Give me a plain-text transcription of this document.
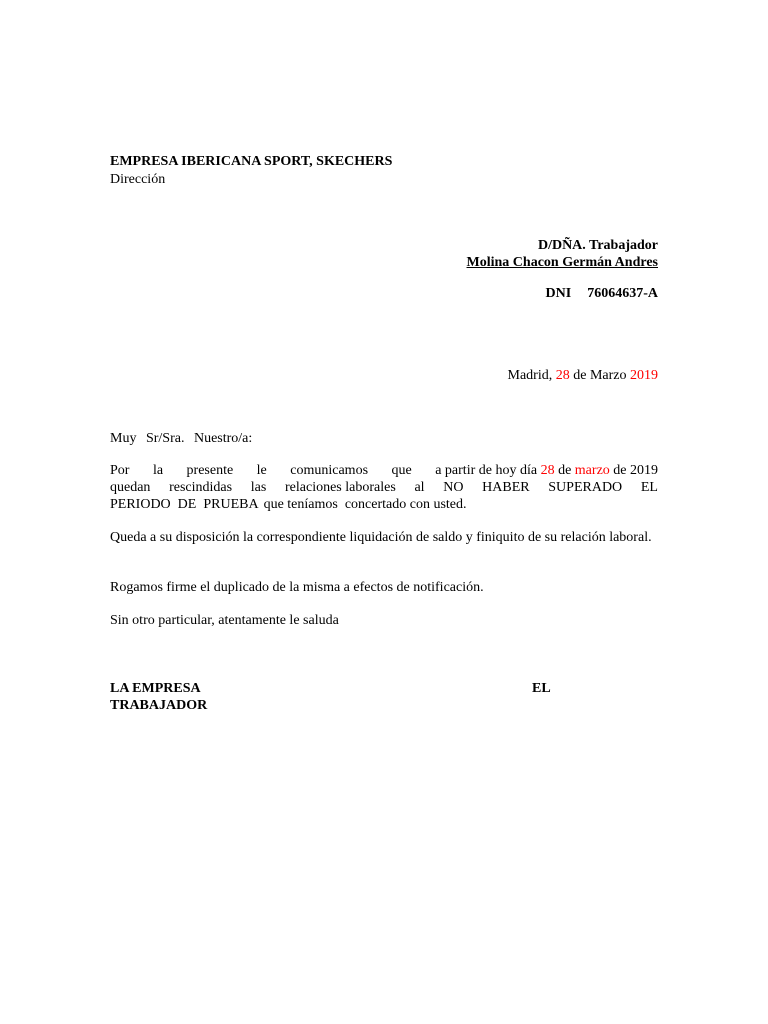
EMPRESA IBERICANA SPORT, SKECHERS
Dirección
D/DÑA. Trabajador
Molina Chacon Germán Andres
DNI 76064637-A
Madrid, 28 de Marzo 2019
Muy Sr/Sra. Nuestro/a:
Por la presente le comunicamos que a partir de hoy día 28 de marzo de 2019
quedan rescindidas las relaciones laborales al NO HABER SUPERADO EL
PERIODO  DE  PRUEBA que teníamos  concertado con usted.
Queda a su disposición la correspondiente liquidación de saldo y finiquito de su relación laboral.
Rogamos firme el duplicado de la misma a efectos de notificación.
Sin otro particular, atentamente le saluda
LA EMPRESA	EL
TRABAJADOR
